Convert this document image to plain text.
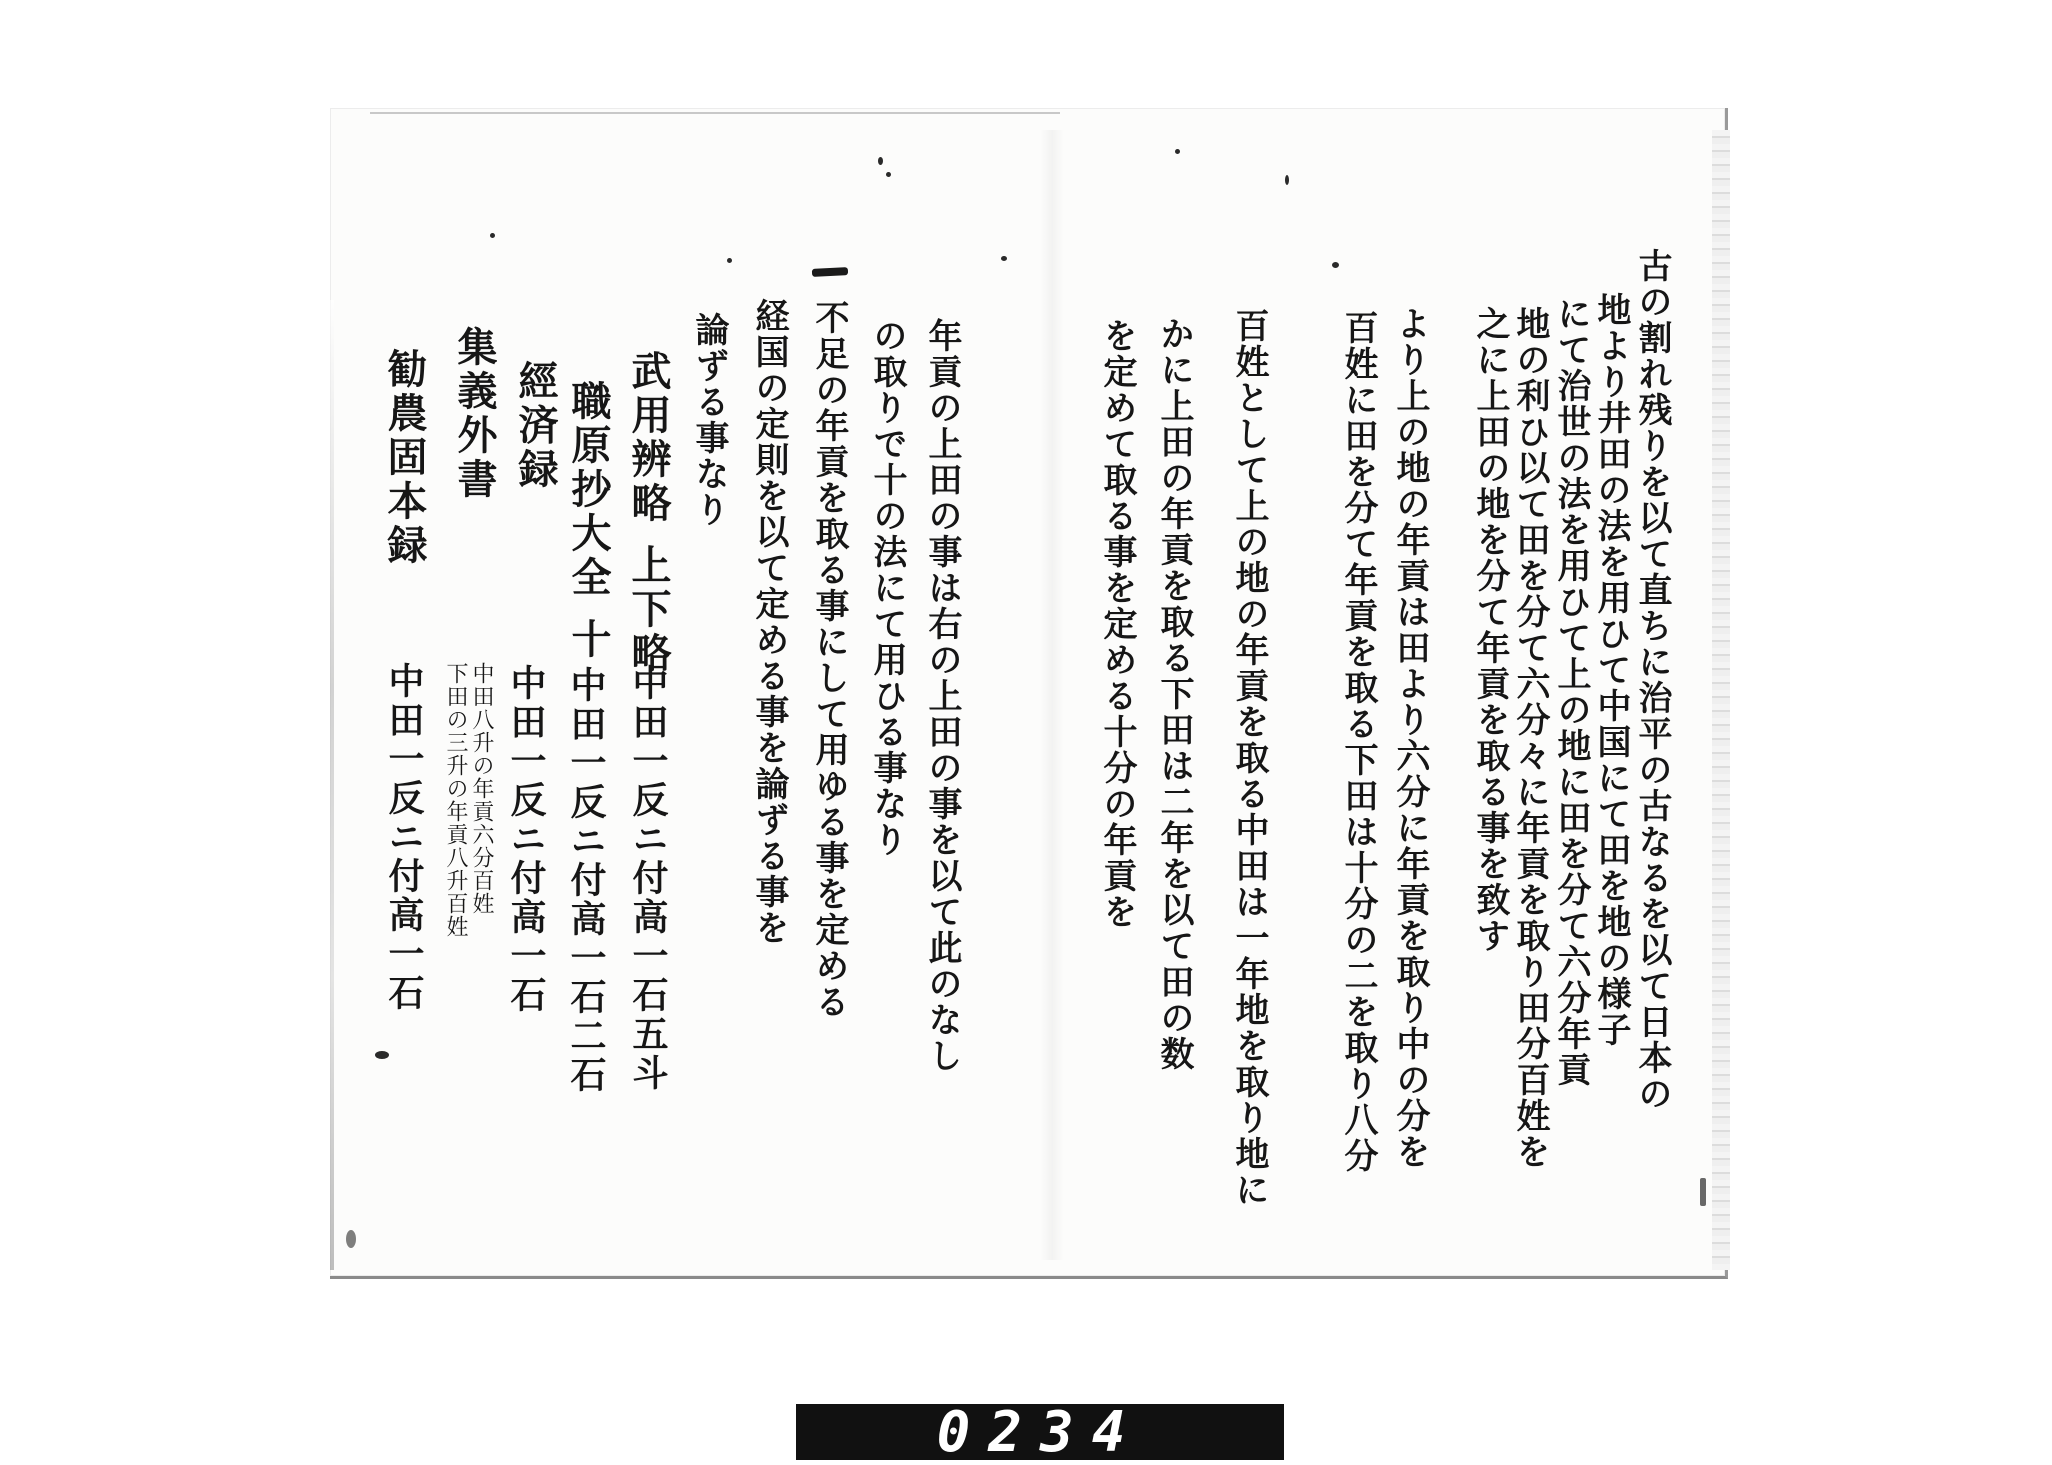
古の割れ残りを以て直ちに治平の古なるを以て日本の
地より井田の法を用ひて中国にて田を地の様子
にて治世の法を用ひて上の地に田を分て六分年貢
地の利ひ以て田を分て六分々に年貢を取り田分百姓を
之に上田の地を分て年貢を取る事を致す
より上の地の年貢は田より六分に年貢を取り中の分を
百姓に田を分て年貢を取る下田は十分の二を取り八分
百姓として上の地の年貢を取る中田は一年地を取り地に
かに上田の年貢を取る下田は二年を以て田の数
を定めて取る事を定める十分の年貢を
年貢の上田の事は右の上田の事を以て此のなし
の取りで十の法にて用ひる事なり
不足の年貢を取る事にして用ゆる事を定める
経国の定則を以て定める事を論ずる事を
論ずる事なり
武用辨略 上下略
職原抄大全 十
經済録
集義外書
勧農固本録
中田一反ニ付高一石五斗
中田一反ニ付高一石二石
中田一反ニ付高一石
中田八升の年貢六分百姓
下田の三升の年貢八升百姓
中田一反ニ付高一石
0234
